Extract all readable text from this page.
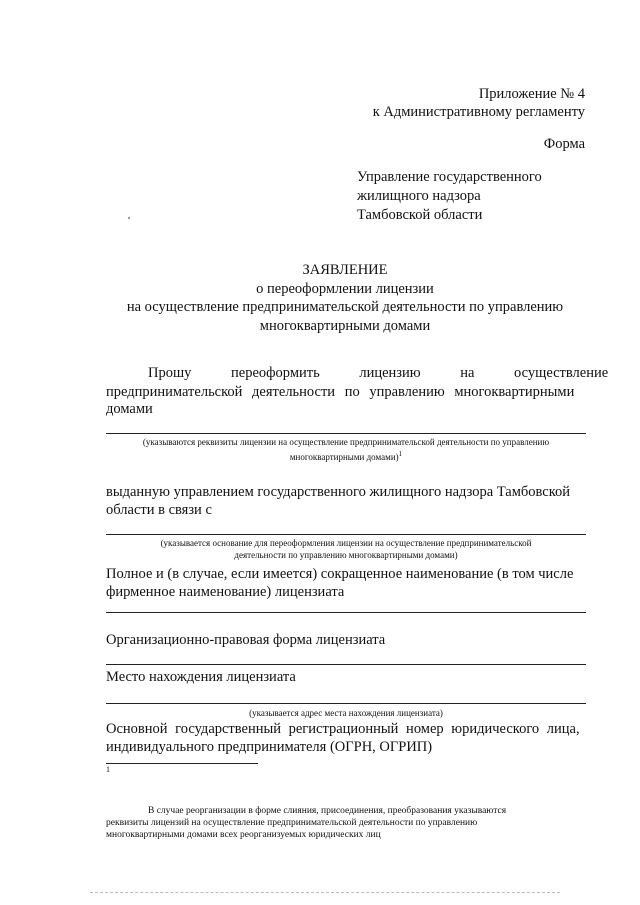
Приложение № 4
к Административному регламенту
Форма
Управление государственного
жилищного надзора
Тамбовской области
ЗАЯВЛЕНИЕ
о переоформлении лицензии
на осуществление предпринимательской деятельности по управлению
многоквартирными домами
Прошу переоформить лицензию на осуществление
предпринимательской деятельности по управлению многоквартирными
домами
(указываются реквизиты лицензии на осуществление предпринимательской деятельности по управлению
многоквартирными домами)$^1$
выданную управлением государственного жилищного надзора Тамбовской
области в связи с
(указывается основание для переоформления лицензии на осуществление предпринимательской
деятельности по управлению многоквартирными домами)
Полное и (в случае, если имеется) сокращенное наименование (в том числе
фирменное наименование) лицензиата
Организационно-правовая форма лицензиата
Место нахождения лицензиата
(указывается адрес места нахождения лицензиата)
Основной государственный регистрационный номер юридического лица,
индивидуального предпринимателя (ОГРН, ОГРИП)
1
В случае реорганизации в форме слияния, присоединения, преобразования указываются
реквизиты лицензий на осуществление предпринимательской деятельности по управлению
многоквартирными домами всех реорганизуемых юридических лиц
